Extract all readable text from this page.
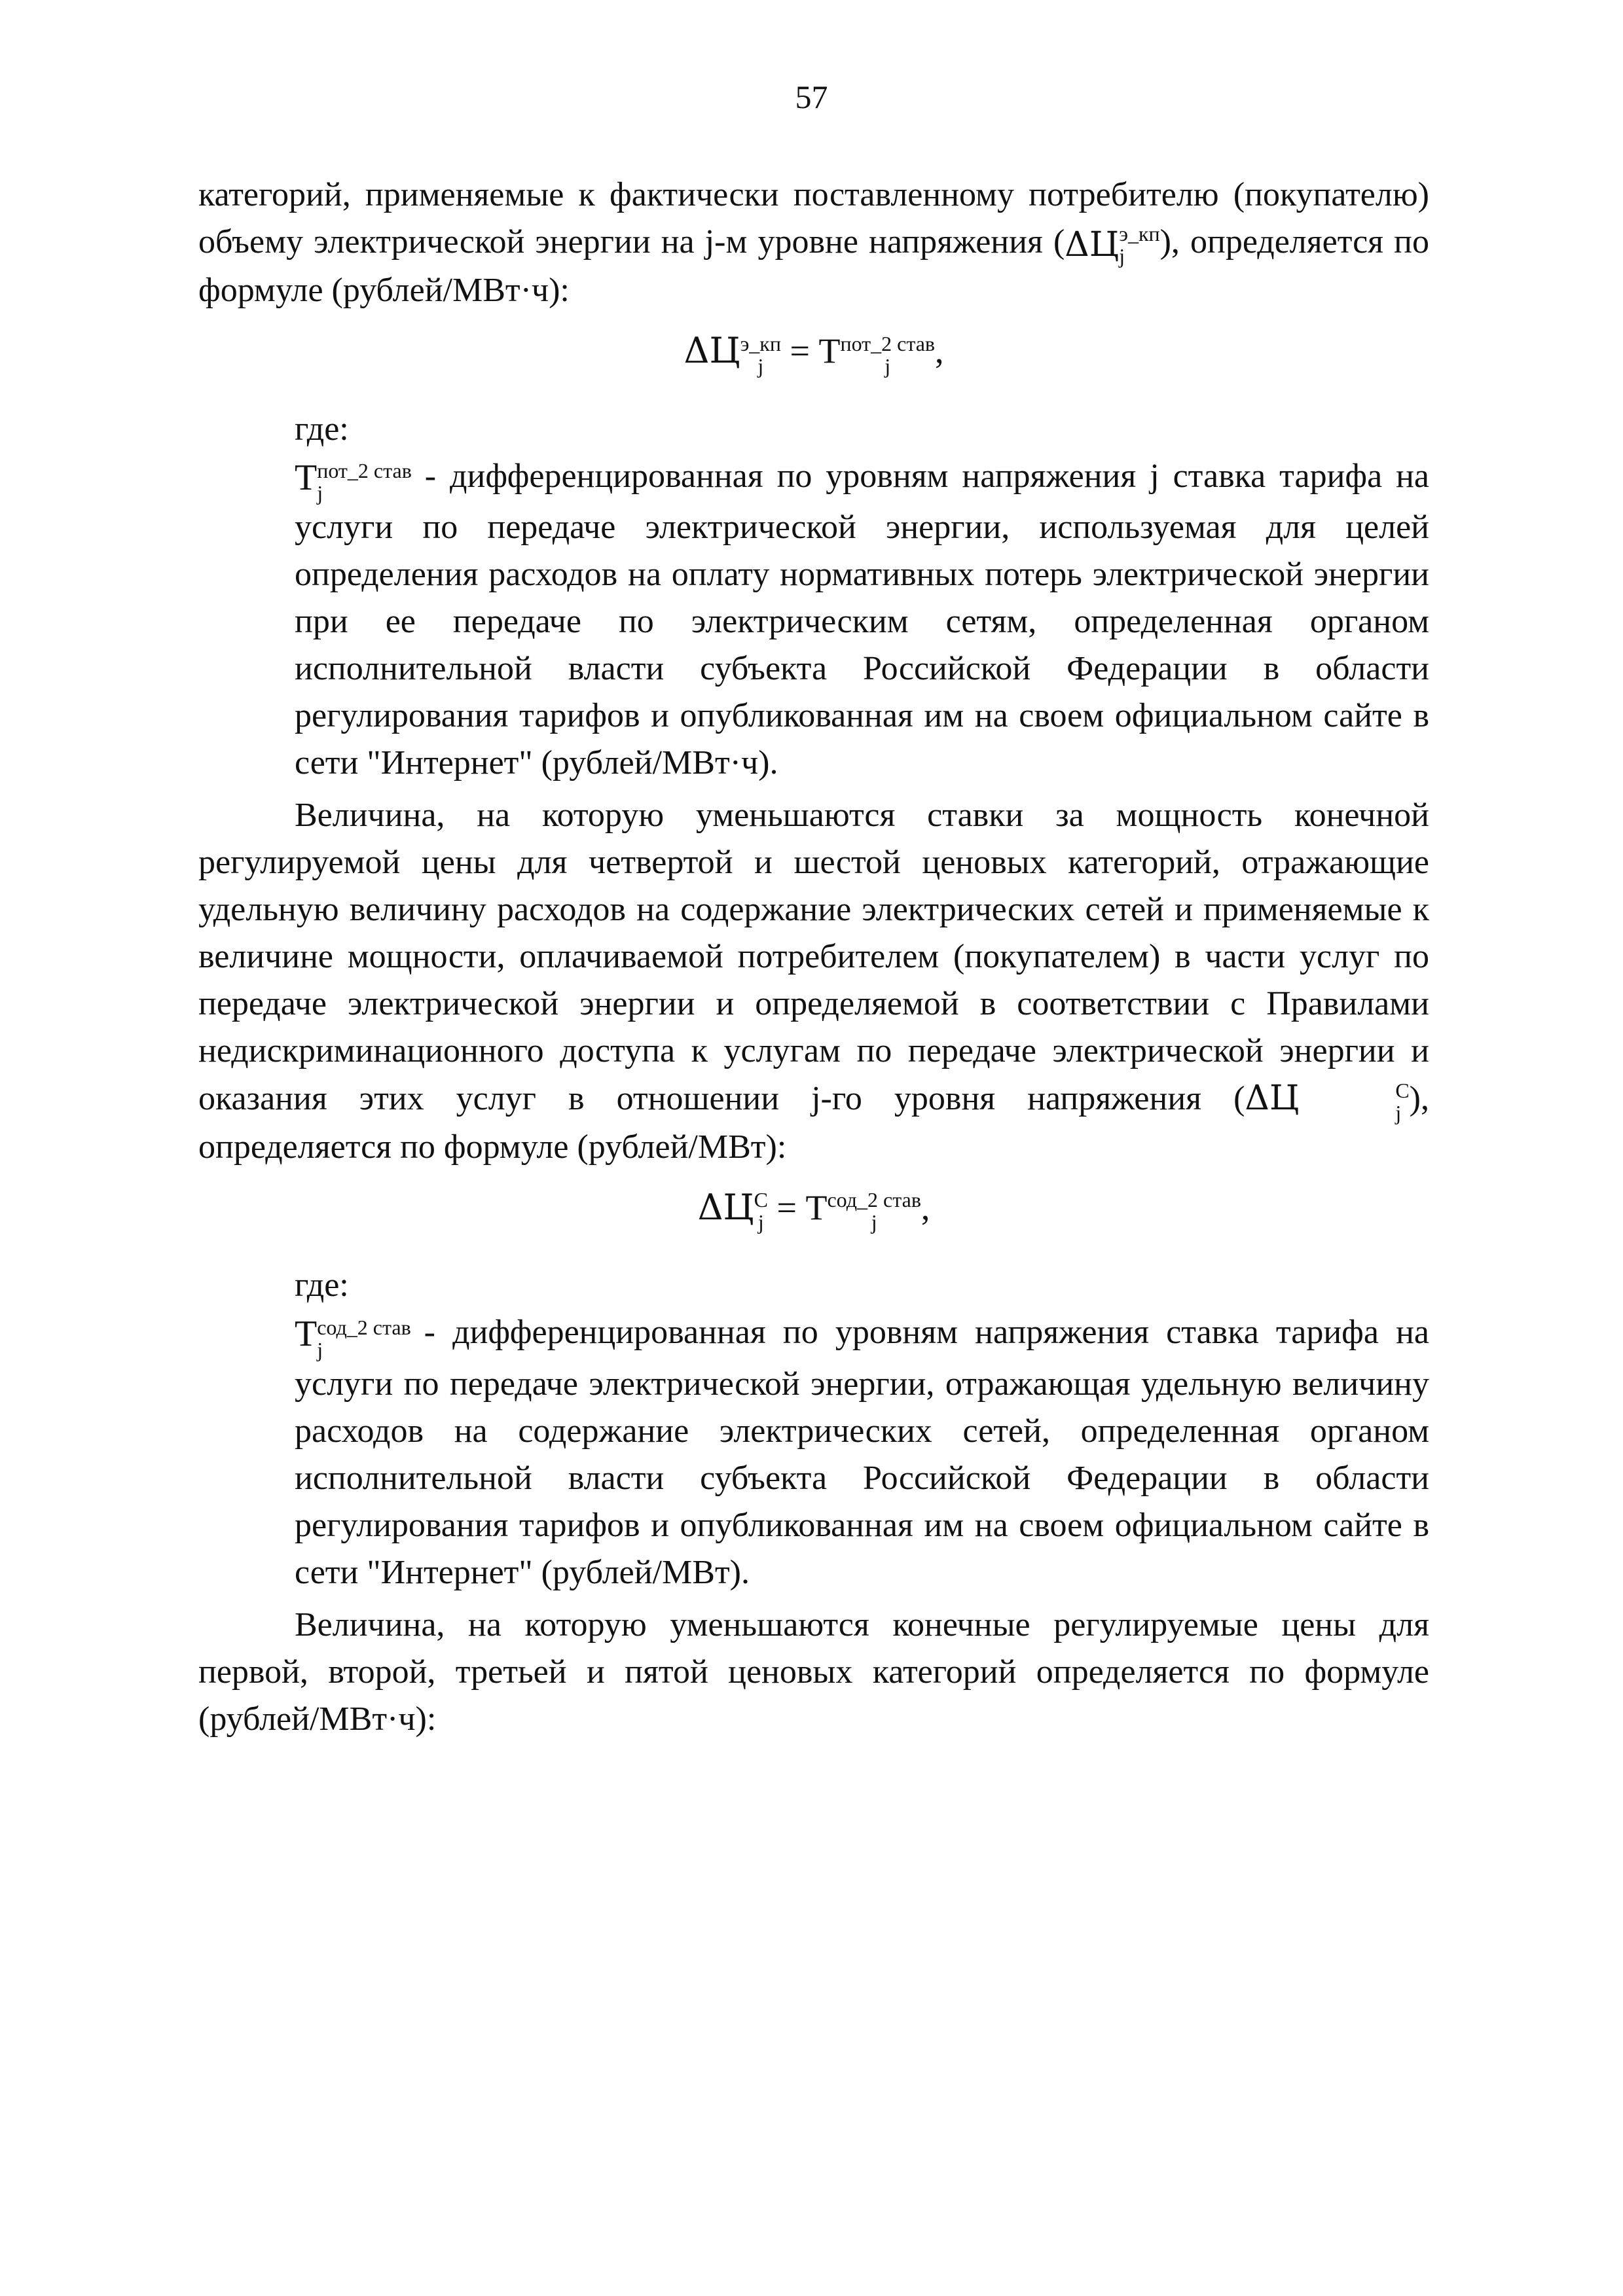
57

категорий, применяемые к фактически поставленному потребителю (покупателю) объему электрической энергии на j-м уровне напряжения (ΔЦ э_кп
j	), определяется по формуле (рублей/МВт·ч):

ΔЦ э_кп
j = Т пот_2 став
j	,

где:

Т пот_2 став
j	- дифференцированная по уровням напряжения j ставка тарифа на услуги по передаче электрической энергии, используемая для целей определения расходов на оплату нормативных потерь электрической энергии при ее передаче по электрическим сетям, определенная органом исполнительной власти субъекта Российской Федерации в области регулирования тарифов и опубликованная им на своем официальном сайте в сети "Интернет" (рублей/МВт·ч).

Величина, на которую уменьшаются ставки за мощность конечной регулируемой цены для четвертой и шестой ценовых категорий, отражающие удельную величину расходов на содержание электрических сетей и применяемые к величине мощности, оплачиваемой потребителем (покупателем) в части услуг по передаче электрической энергии и определяемой в соответствии с Правилами недискриминационного доступа к услугам по передаче электрической энергии и оказания этих услуг в отношении j-го уровня напряжения (ΔЦ	С
j ), определяется по формуле (рублей/МВт):

ΔЦ С
j = Т сод_2 став
j	,

где:

Т сод_2 став
j	- дифференцированная по уровням напряжения ставка тарифа на услуги по передаче электрической энергии, отражающая удельную величину расходов на содержание электрических сетей, определенная органом исполнительной власти субъекта Российской Федерации в области регулирования тарифов и опубликованная им на своем официальном сайте в сети "Интернет" (рублей/МВт).

Величина, на которую уменьшаются конечные регулируемые цены для первой, второй, третьей и пятой ценовых категорий определяется по формуле (рублей/МВт·ч):
